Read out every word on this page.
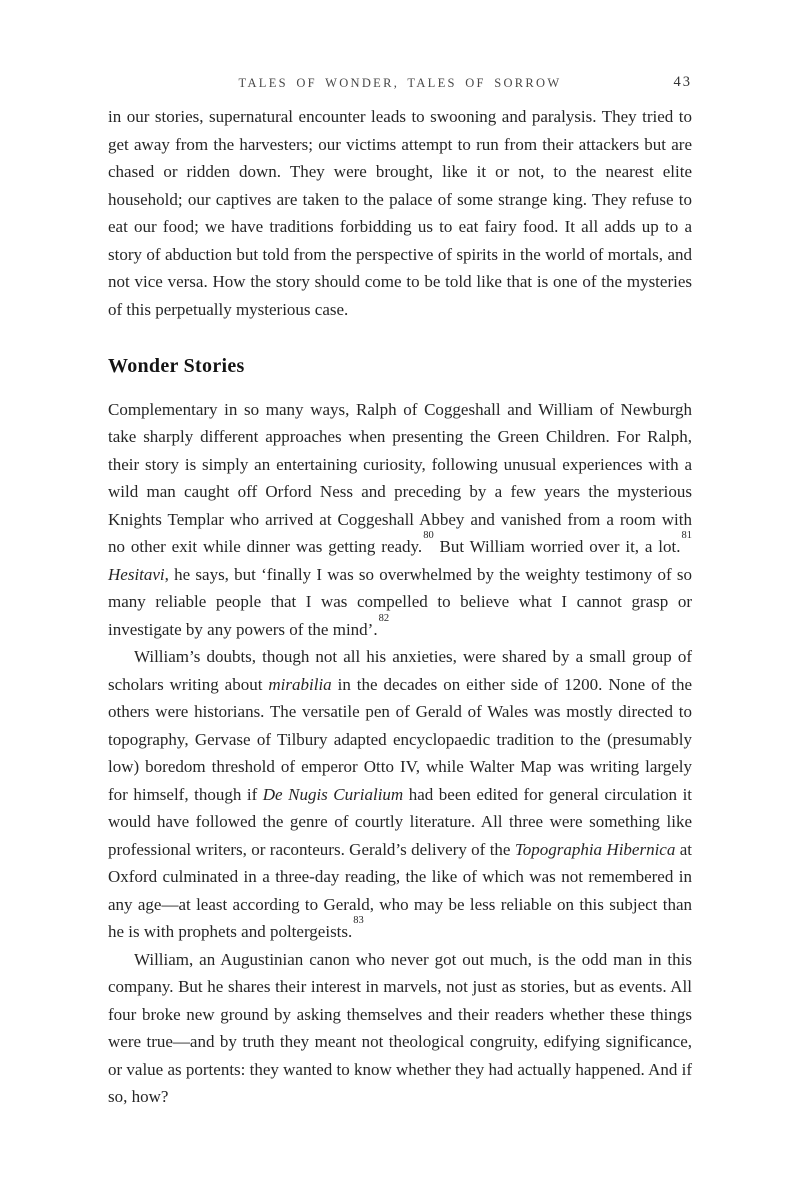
TALES OF WONDER, TALES OF SORROW	43

in our stories, supernatural encounter leads to swooning and paralysis. They tried to get away from the harvesters; our victims attempt to run from their attackers but are chased or ridden down. They were brought, like it or not, to the nearest elite household; our captives are taken to the palace of some strange king. They refuse to eat our food; we have traditions forbidding us to eat fairy food. It all adds up to a story of abduction but told from the perspective of spirits in the world of mortals, and not vice versa. How the story should come to be told like that is one of the mysteries of this perpetually mysterious case.

Wonder Stories

Complementary in so many ways, Ralph of Coggeshall and William of Newburgh take sharply different approaches when presenting the Green Children. For Ralph, their story is simply an entertaining curiosity, following unusual experiences with a wild man caught off Orford Ness and preceding by a few years the mysterious Knights Templar who arrived at Coggeshall Abbey and vanished from a room with no other exit while dinner was getting ready.$^{80}$ But William worried over it, a lot.$^{81}$ Hesitavi, he says, but ‘finally I was so overwhelmed by the weighty testimony of so many reliable people that I was compelled to believe what I cannot grasp or investigate by any powers of the mind’.$^{82}$

William’s doubts, though not all his anxieties, were shared by a small group of scholars writing about mirabilia in the decades on either side of 1200. None of the others were historians. The versatile pen of Gerald of Wales was mostly directed to topography, Gervase of Tilbury adapted encyclopaedic tradition to the (presumably low) boredom threshold of emperor Otto IV, while Walter Map was writing largely for himself, though if De Nugis Curialium had been edited for general circulation it would have followed the genre of courtly literature. All three were something like professional writers, or raconteurs. Gerald’s delivery of the Topographia Hibernica at Oxford culminated in a three-day reading, the like of which was not remembered in any age—at least according to Gerald, who may be less reliable on this subject than he is with prophets and poltergeists.$^{83}$

William, an Augustinian canon who never got out much, is the odd man in this company. But he shares their interest in marvels, not just as stories, but as events. All four broke new ground by asking themselves and their readers whether these things were true—and by truth they meant not theological congruity, edifying significance, or value as portents: they wanted to know whether they had actually happened. And if so, how?
